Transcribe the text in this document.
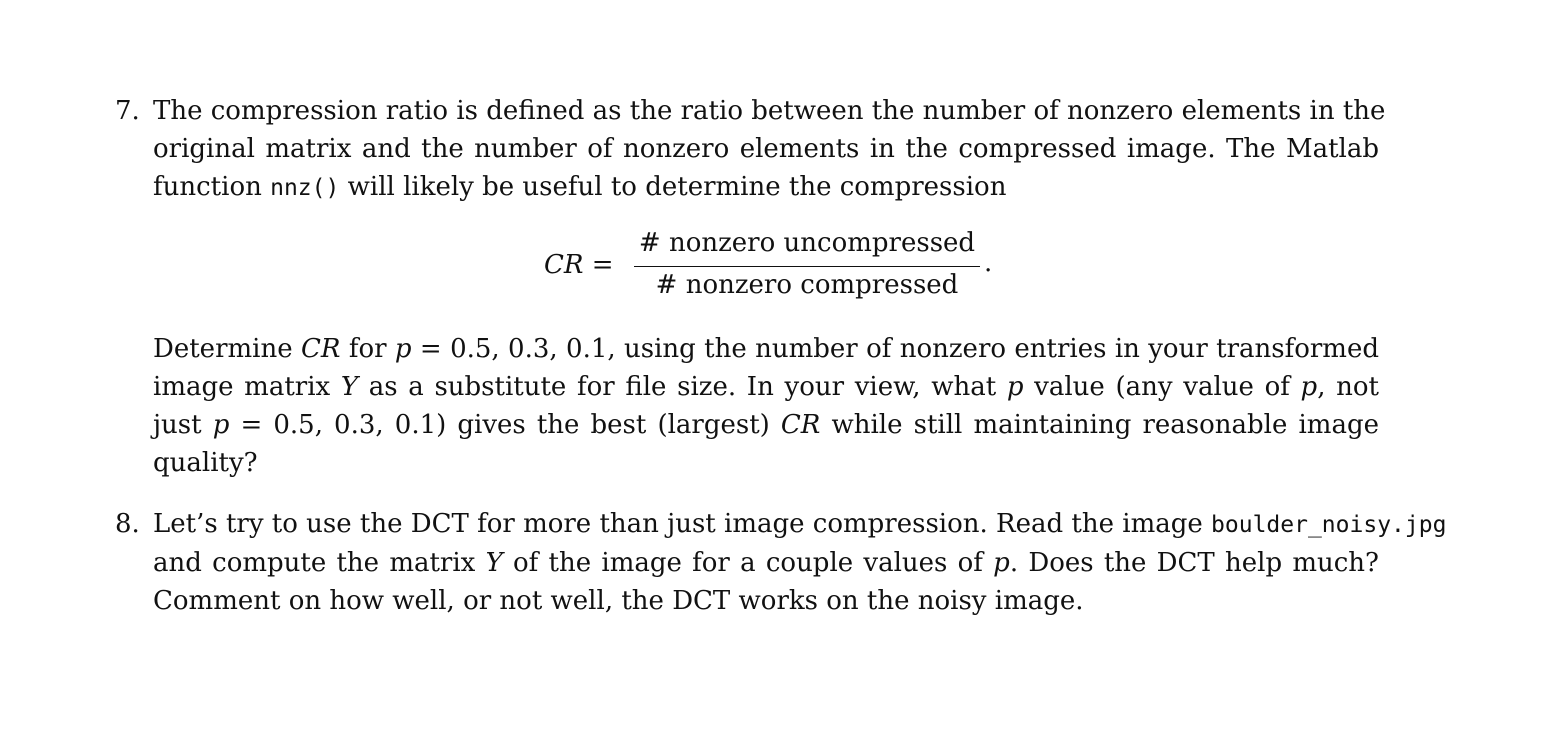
7. The compression ratio is defined as the ratio between the number of nonzero elements in the
original matrix and the number of nonzero elements in the compressed image. The Matlab
function nnz() will likely be useful to determine the compression
CR =
# nonzero uncompressed
# nonzero compressed
.
Determine CR for p = 0.5, 0.3, 0.1, using the number of nonzero entries in your transformed
image matrix Y as a substitute for file size. In your view, what p value (any value of p, not
just p = 0.5, 0.3, 0.1) gives the best (largest) CR while still maintaining reasonable image
quality?
8. Let’s try to use the DCT for more than just image compression. Read the image boulder_noisy.jpg
and compute the matrix Y of the image for a couple values of p. Does the DCT help much?
Comment on how well, or not well, the DCT works on the noisy image.
